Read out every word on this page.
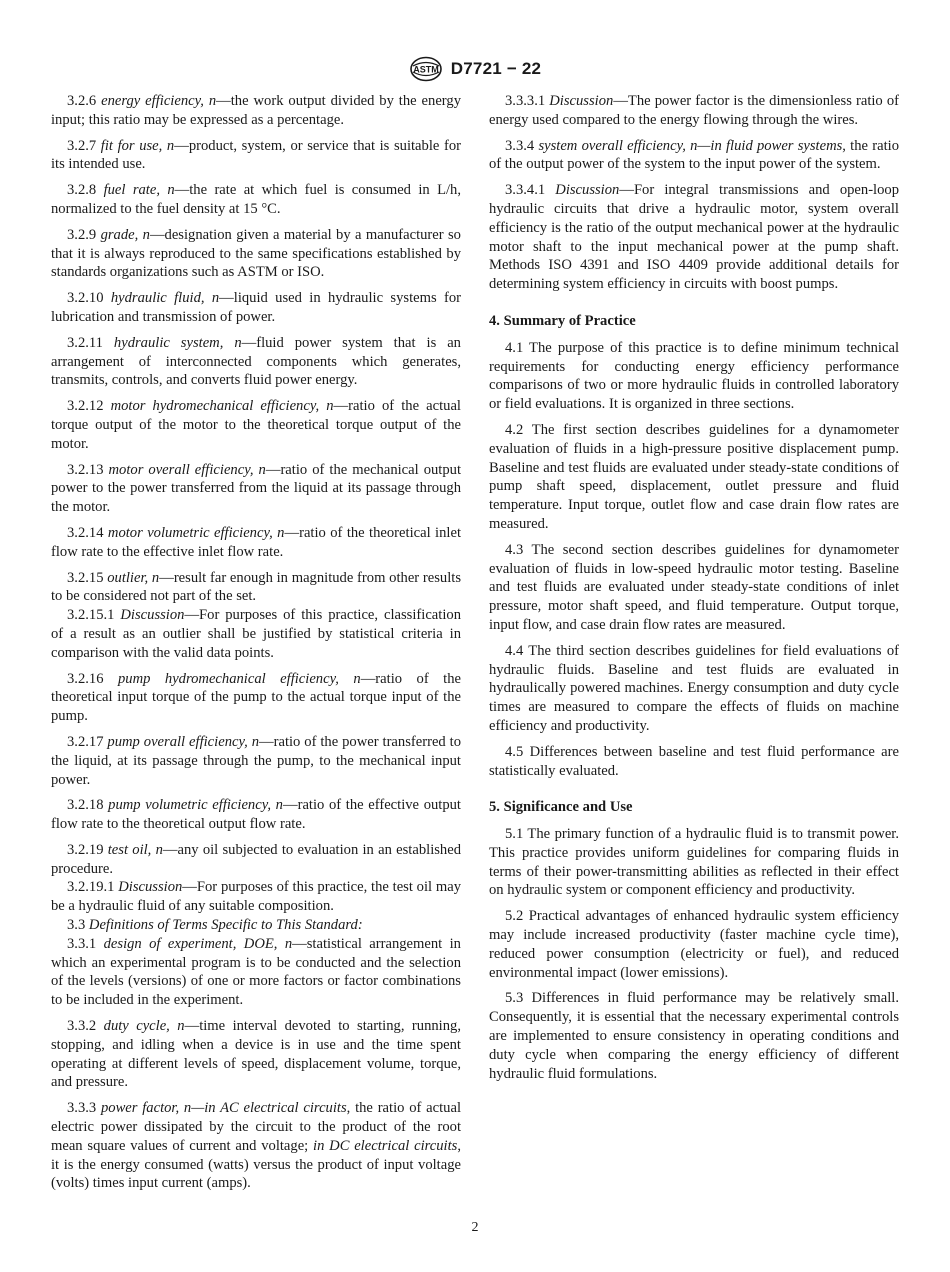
ASTM D7721 − 22

3.2.6 energy efficiency, n—the work output divided by the energy input; this ratio may be expressed as a percentage.

3.2.7 fit for use, n—product, system, or service that is suitable for its intended use.

3.2.8 fuel rate, n—the rate at which fuel is consumed in L/h, normalized to the fuel density at 15 °C.

3.2.9 grade, n—designation given a material by a manufacturer so that it is always reproduced to the same specifications established by standards organizations such as ASTM or ISO.

3.2.10 hydraulic fluid, n—liquid used in hydraulic systems for lubrication and transmission of power.

3.2.11 hydraulic system, n—fluid power system that is an arrangement of interconnected components which generates, transmits, controls, and converts fluid power energy.

3.2.12 motor hydromechanical efficiency, n—ratio of the actual torque output of the motor to the theoretical torque output of the motor.

3.2.13 motor overall efficiency, n—ratio of the mechanical output power to the power transferred from the liquid at its passage through the motor.

3.2.14 motor volumetric efficiency, n—ratio of the theoretical inlet flow rate to the effective inlet flow rate.

3.2.15 outlier, n—result far enough in magnitude from other results to be considered not part of the set.

3.2.15.1 Discussion—For purposes of this practice, classification of a result as an outlier shall be justified by statistical criteria in comparison with the valid data points.

3.2.16 pump hydromechanical efficiency, n—ratio of the theoretical input torque of the pump to the actual torque input of the pump.

3.2.17 pump overall efficiency, n—ratio of the power transferred to the liquid, at its passage through the pump, to the mechanical input power.

3.2.18 pump volumetric efficiency, n—ratio of the effective output flow rate to the theoretical output flow rate.

3.2.19 test oil, n—any oil subjected to evaluation in an established procedure.

3.2.19.1 Discussion—For purposes of this practice, the test oil may be a hydraulic fluid of any suitable composition.

3.3 Definitions of Terms Specific to This Standard:

3.3.1 design of experiment, DOE, n—statistical arrangement in which an experimental program is to be conducted and the selection of the levels (versions) of one or more factors or factor combinations to be included in the experiment.

3.3.2 duty cycle, n—time interval devoted to starting, running, stopping, and idling when a device is in use and the time spent operating at different levels of speed, displacement volume, torque, and pressure.

3.3.3 power factor, n—in AC electrical circuits, the ratio of actual electric power dissipated by the circuit to the product of the root mean square values of current and voltage; in DC electrical circuits, it is the energy consumed (watts) versus the product of input voltage (volts) times input current (amps).

3.3.3.1 Discussion—The power factor is the dimensionless ratio of energy used compared to the energy flowing through the wires.

3.3.4 system overall efficiency, n—in fluid power systems, the ratio of the output power of the system to the input power of the system.

3.3.4.1 Discussion—For integral transmissions and open-loop hydraulic circuits that drive a hydraulic motor, system overall efficiency is the ratio of the output mechanical power at the hydraulic motor shaft to the input mechanical power at the pump shaft. Methods ISO 4391 and ISO 4409 provide additional details for determining system efficiency in circuits with boost pumps.

4. Summary of Practice

4.1 The purpose of this practice is to define minimum technical requirements for conducting energy efficiency performance comparisons of two or more hydraulic fluids in controlled laboratory or field evaluations. It is organized in three sections.

4.2 The first section describes guidelines for a dynamometer evaluation of fluids in a high-pressure positive displacement pump. Baseline and test fluids are evaluated under steady-state conditions of pump shaft speed, displacement, outlet pressure and fluid temperature. Input torque, outlet flow and case drain flow rates are measured.

4.3 The second section describes guidelines for dynamometer evaluation of fluids in low-speed hydraulic motor testing. Baseline and test fluids are evaluated under steady-state conditions of inlet pressure, motor shaft speed, and fluid temperature. Output torque, input flow, and case drain flow rates are measured.

4.4 The third section describes guidelines for field evaluations of hydraulic fluids. Baseline and test fluids are evaluated in hydraulically powered machines. Energy consumption and duty cycle times are measured to compare the effects of fluids on machine efficiency and productivity.

4.5 Differences between baseline and test fluid performance are statistically evaluated.

5. Significance and Use

5.1 The primary function of a hydraulic fluid is to transmit power. This practice provides uniform guidelines for comparing fluids in terms of their power-transmitting abilities as reflected in their effect on hydraulic system or component efficiency and productivity.

5.2 Practical advantages of enhanced hydraulic system efficiency may include increased productivity (faster machine cycle time), reduced power consumption (electricity or fuel), and reduced environmental impact (lower emissions).

5.3 Differences in fluid performance may be relatively small. Consequently, it is essential that the necessary experimental controls are implemented to ensure consistency in operating conditions and duty cycle when comparing the energy efficiency of different hydraulic fluid formulations.

2
